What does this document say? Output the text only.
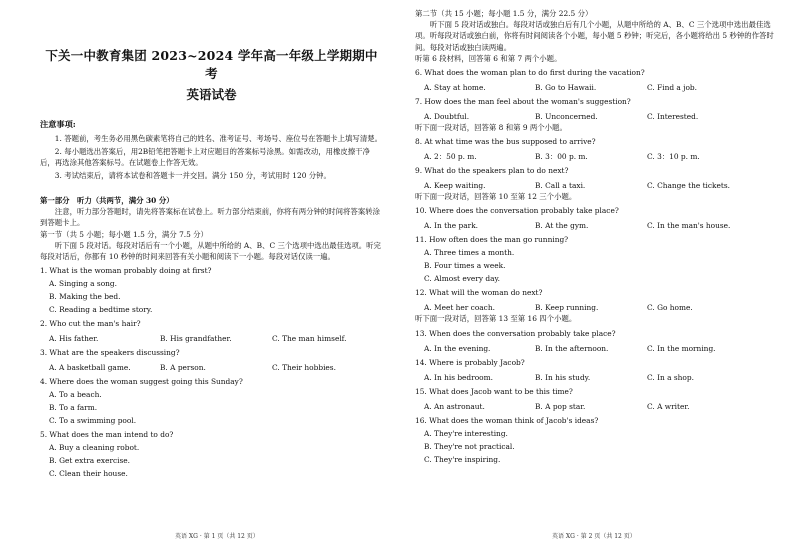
下关一中教育集团 2023~2024 学年高一年级上学期期中考
英语试卷
注意事项:
1. 答题前，考生务必用黑色碳素笔将自己的姓名、准考证号、考场号、座位号在答题卡上填写清楚。
2. 每小题选出答案后，用2B铅笔把答题卡上对应题目的答案标号涂黑。如需改动，用橡皮擦干净后，再选涂其他答案标号。在试题卷上作答无效。
3. 考试结束后，请将本试卷和答题卡一并交回。满分 150 分，考试用时 120 分钟。
第一部分　听力（共两节，满分 30 分）
注意，听力部分答题时，请先将答案标在试卷上。听力部分结束前，你将有两分钟的时间将答案转涂到答题卡上。
第一节（共 5 小题；每小题 1.5 分，满分 7.5 分）
听下面 5 段对话。每段对话后有一个小题，从题中所给的 A、B、C 三个选项中选出最佳选项。听完每段对话后，你都有 10 秒钟的时间来回答有关小题和阅读下一小题。每段对话仅读一遍。
1. What is the woman probably doing at first?
A. Singing a song.
B. Making the bed.
C. Reading a bedtime story.
2. Who cut the man's hair?
A. His father.	B. His grandfather.	C. The man himself.
3. What are the speakers discussing?
A. A basketball game.	B. A person.	C. Their hobbies.
4. Where does the woman suggest going this Sunday?
A. To a beach.
B. To a farm.
C. To a swimming pool.
5. What does the man intend to do?
A. Buy a cleaning robot.
B. Get extra exercise.
C. Clean their house.
英语 XG · 第 1 页（共 12 页）
第二节（共 15 小题；每小题 1.5 分，满分 22.5 分）
听下面 5 段对话或独白。每段对话或独白后有几个小题，从题中所给的 A、B、C 三个选项中选出最佳选项。听每段对话或独白前，你将有时间阅读各个小题，每小题 5 秒钟；听完后，各小题将给出 5 秒钟的作答时间。每段对话或独白读两遍。
听第 6 段材料，回答第 6 和第 7 两个小题。
6. What does the woman plan to do first during the vacation?
A. Stay at home.	B. Go to Hawaii.	C. Find a job.
7. How does the man feel about the woman's suggestion?
A. Doubtful.	B. Unconcerned.	C. Interested.
听下面一段对话，回答第 8 和第 9 两个小题。
8. At what time was the bus supposed to arrive?
A. 2：50 p. m.	B. 3：00 p. m.	C. 3：10 p. m.
9. What do the speakers plan to do next?
A. Keep waiting.	B. Call a taxi.	C. Change the tickets.
听下面一段对话，回答第 10 至第 12 三个小题。
10. Where does the conversation probably take place?
A. In the park.	B. At the gym.	C. In the man's house.
11. How often does the man go running?
A. Three times a month.
B. Four times a week.
C. Almost every day.
12. What will the woman do next?
A. Meet her coach.	B. Keep running.	C. Go home.
听下面一段对话，回答第 13 至第 16 四个小题。
13. When does the conversation probably take place?
A. In the evening.	B. In the afternoon.	C. In the morning.
14. Where is probably Jacob?
A. In his bedroom.	B. In his study.	C. In a shop.
15. What does Jacob want to be this time?
A. An astronaut.	B. A pop star.	C. A writer.
16. What does the woman think of Jacob's ideas?
A. They're interesting.
B. They're not practical.
C. They're inspiring.
英语 XG · 第 2 页（共 12 页）
